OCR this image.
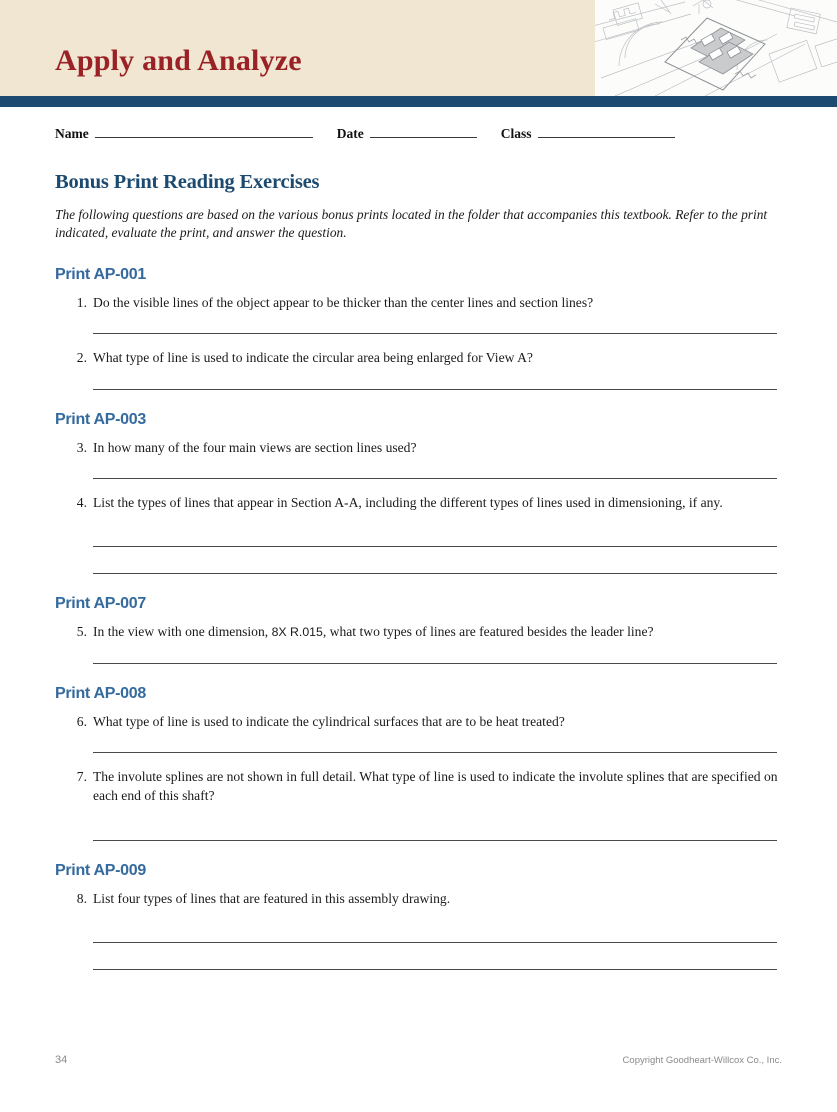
Apply and Analyze
Name	Date	Class
Bonus Print Reading Exercises

The following questions are based on the various bonus prints located in the folder that accompanies this textbook. Refer to the print indicated, evaluate the print, and answer the question.

Print AP-001
1. Do the visible lines of the object appear to be thicker than the center lines and section lines?
2. What type of line is used to indicate the circular area being enlarged for View A?
Print AP-003
3. In how many of the four main views are section lines used?
4. List the types of lines that appear in Section A-A, including the different types of lines used in dimensioning, if any.
Print AP-007
5. In the view with one dimension, 8X R.015, what two types of lines are featured besides the leader line?
Print AP-008
6. What type of line is used to indicate the cylindrical surfaces that are to be heat treated?
7. The involute splines are not shown in full detail. What type of line is used to indicate the involute splines that are specified on each end of this shaft?
Print AP-009
8. List four types of lines that are featured in this assembly drawing.
34	Copyright Goodheart-Willcox Co., Inc.
